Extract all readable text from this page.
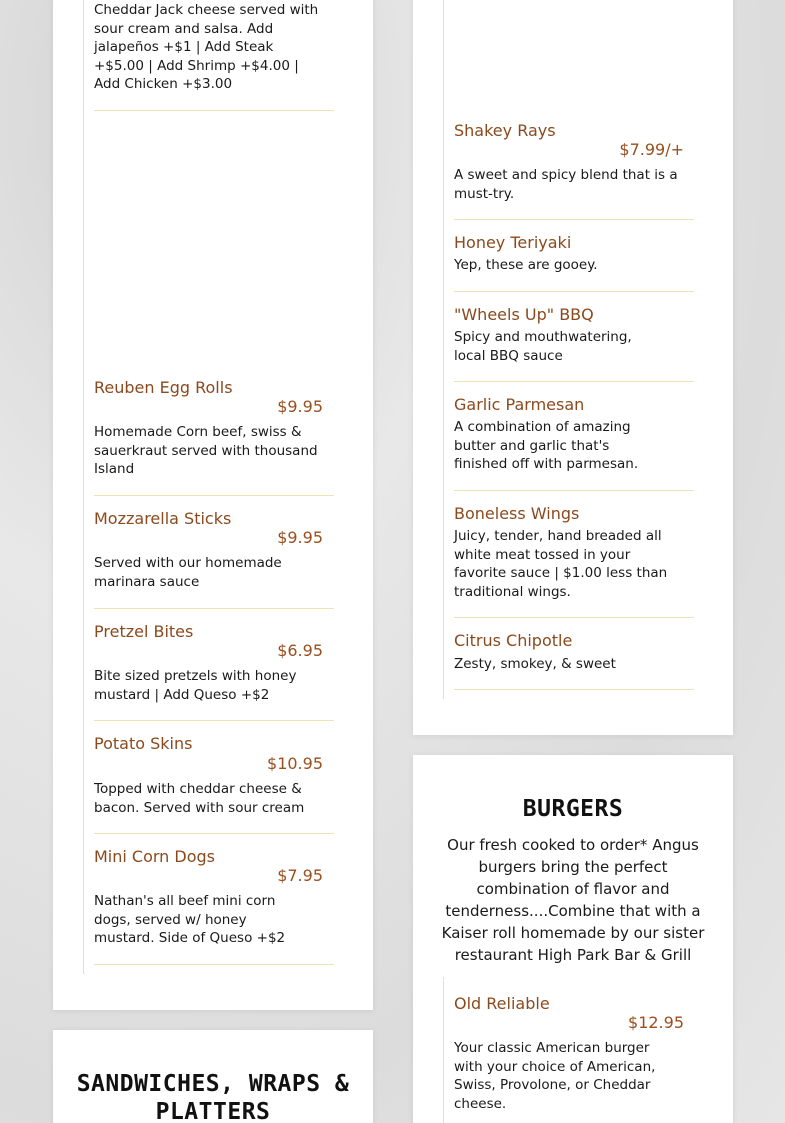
Cheddar Jack cheese served with sour cream and salsa. Add jalapeños +$1 | Add Steak +$5.00 | Add Shrimp +$4.00 | Add Chicken +$3.00
Reuben Egg Rolls
$9.95
Homemade Corn beef, swiss & sauerkraut served with thousand Island
Mozzarella Sticks
$9.95
Served with our homemade marinara sauce
Pretzel Bites
$6.95
Bite sized pretzels with honey mustard | Add Queso +$2
Potato Skins
$10.95
Topped with cheddar cheese & bacon. Served with sour cream
Mini Corn Dogs
$7.95
Nathan's all beef mini corn dogs, served w/ honey mustard. Side of Queso +$2
SANDWICHES, WRAPS & PLATTERS
Shakey Rays
$7.99/+
A sweet and spicy blend that is a must-try.
Honey Teriyaki
Yep, these are gooey.
"Wheels Up" BBQ
Spicy and mouthwatering, local BBQ sauce
Garlic Parmesan
A combination of amazing butter and garlic that's finished off with parmesan.
Boneless Wings
Juicy, tender, hand breaded all white meat tossed in your favorite sauce | $1.00 less than traditional wings.
Citrus Chipotle
Zesty, smokey, & sweet
BURGERS
Our fresh cooked to order* Angus burgers bring the perfect combination of flavor and tenderness....Combine that with a Kaiser roll homemade by our sister restaurant High Park Bar & Grill
Old Reliable
$12.95
Your classic American burger with your choice of American, Swiss, Provolone, or Cheddar cheese.
